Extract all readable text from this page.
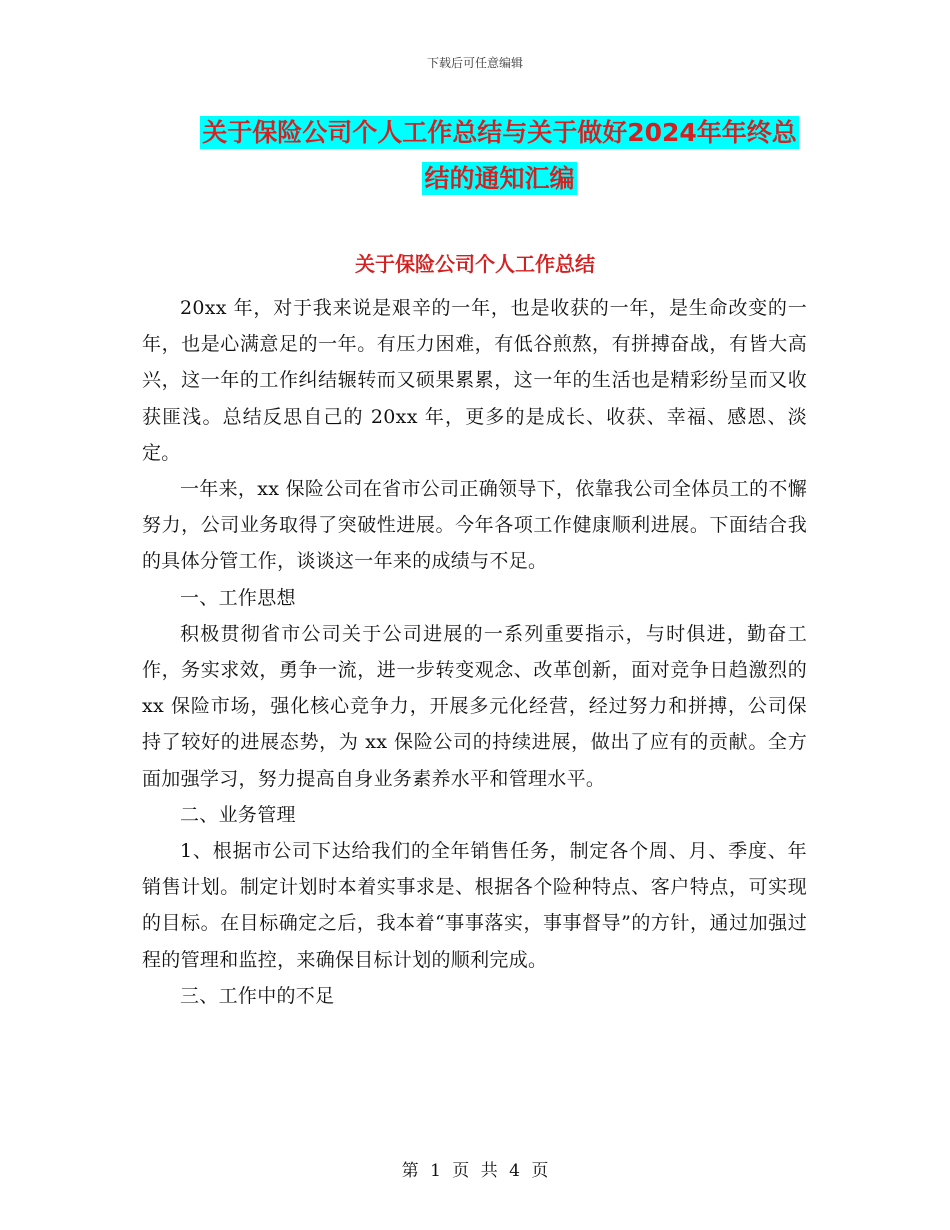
下载后可任意编辑
关于保险公司个人工作总结与关于做好2024年年终总
结的通知汇编
关于保险公司个人工作总结

20xx 年，对于我来说是艰辛的一年，也是收获的一年，是生命改变的一年，也是心满意足的一年。有压力困难，有低谷煎熬，有拼搏奋战，有皆大高兴，这一年的工作纠结辗转而又硕果累累，这一年的生活也是精彩纷呈而又收获匪浅。总结反思自己的 20xx 年，更多的是成长、收获、幸福、感恩、淡定。

一年来，xx 保险公司在省市公司正确领导下，依靠我公司全体员工的不懈努力，公司业务取得了突破性进展。今年各项工作健康顺利进展。下面结合我的具体分管工作，谈谈这一年来的成绩与不足。

一、工作思想

积极贯彻省市公司关于公司进展的一系列重要指示，与时俱进，勤奋工作，务实求效，勇争一流，进一步转变观念、改革创新，面对竞争日趋激烈的 xx 保险市场，强化核心竞争力，开展多元化经营，经过努力和拼搏，公司保持了较好的进展态势，为 xx 保险公司的持续进展，做出了应有的贡献。全方面加强学习，努力提高自身业务素养水平和管理水平。

二、业务管理

1、根据市公司下达给我们的全年销售任务，制定各个周、月、季度、年销售计划。制定计划时本着实事求是、根据各个险种特点、客户特点，可实现的目标。在目标确定之后，我本着“事事落实，事事督导”的方针，通过加强过程的管理和监控，来确保目标计划的顺利完成。

三、工作中的不足

第 1 页 共 4 页
